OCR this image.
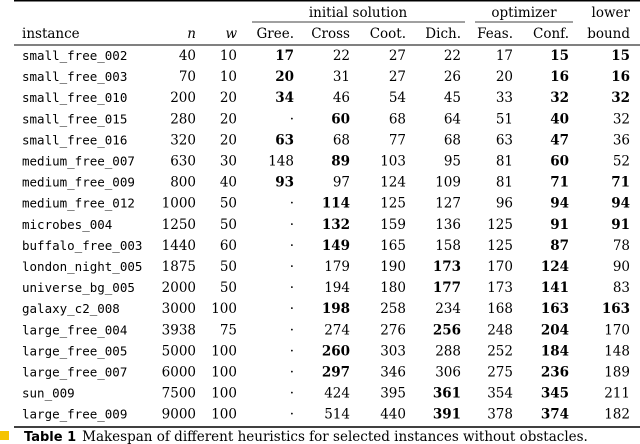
initial solution	optimizer	lower
instance	n w Gree. Cross Coot. Dich. Feas. Conf. bound
small_free_002	40 10	17	22	27	22	17	15	15
small_free_003	70 10	20	31	27	26	20	16	16
small_free_010	200 20	34	46	54	45	33	32	32
small_free_015	280 20	·	60	68	64	51	40	32
small_free_016	320 20	63	68	77	68	63	47	36
medium_free_007	630 30 148	89 103	95	81	60	52
medium_free_009	800 40	93	97 124 109	81	71	71
medium_free_012 1000 50	· 114 125 127	96	94	94
microbes_004	1250 50	· 132 159 136 125	91	91
buffalo_free_003 1440 60	· 149 165 158 125	87	78
london_night_005 1875 50	· 179 190 173 170 124	90
universe_bg_005 2000 50	· 194 180 177 173 141	83
galaxy_c2_008	3000 100	· 198 258 234 168 163 163
large_free_004	3938 75	· 274 276 256 248 204	170
large_free_005	5000 100	· 260 303 288 252 184	148
large_free_007	6000 100	· 297 346 306 275 236	189
sun_009	7500 100	· 424 395 361 354 345	211
large_free_009	9000 100	· 514 440 391 378 374	182
Table 1 Makespan of different heuristics for selected instances without obstacles.
